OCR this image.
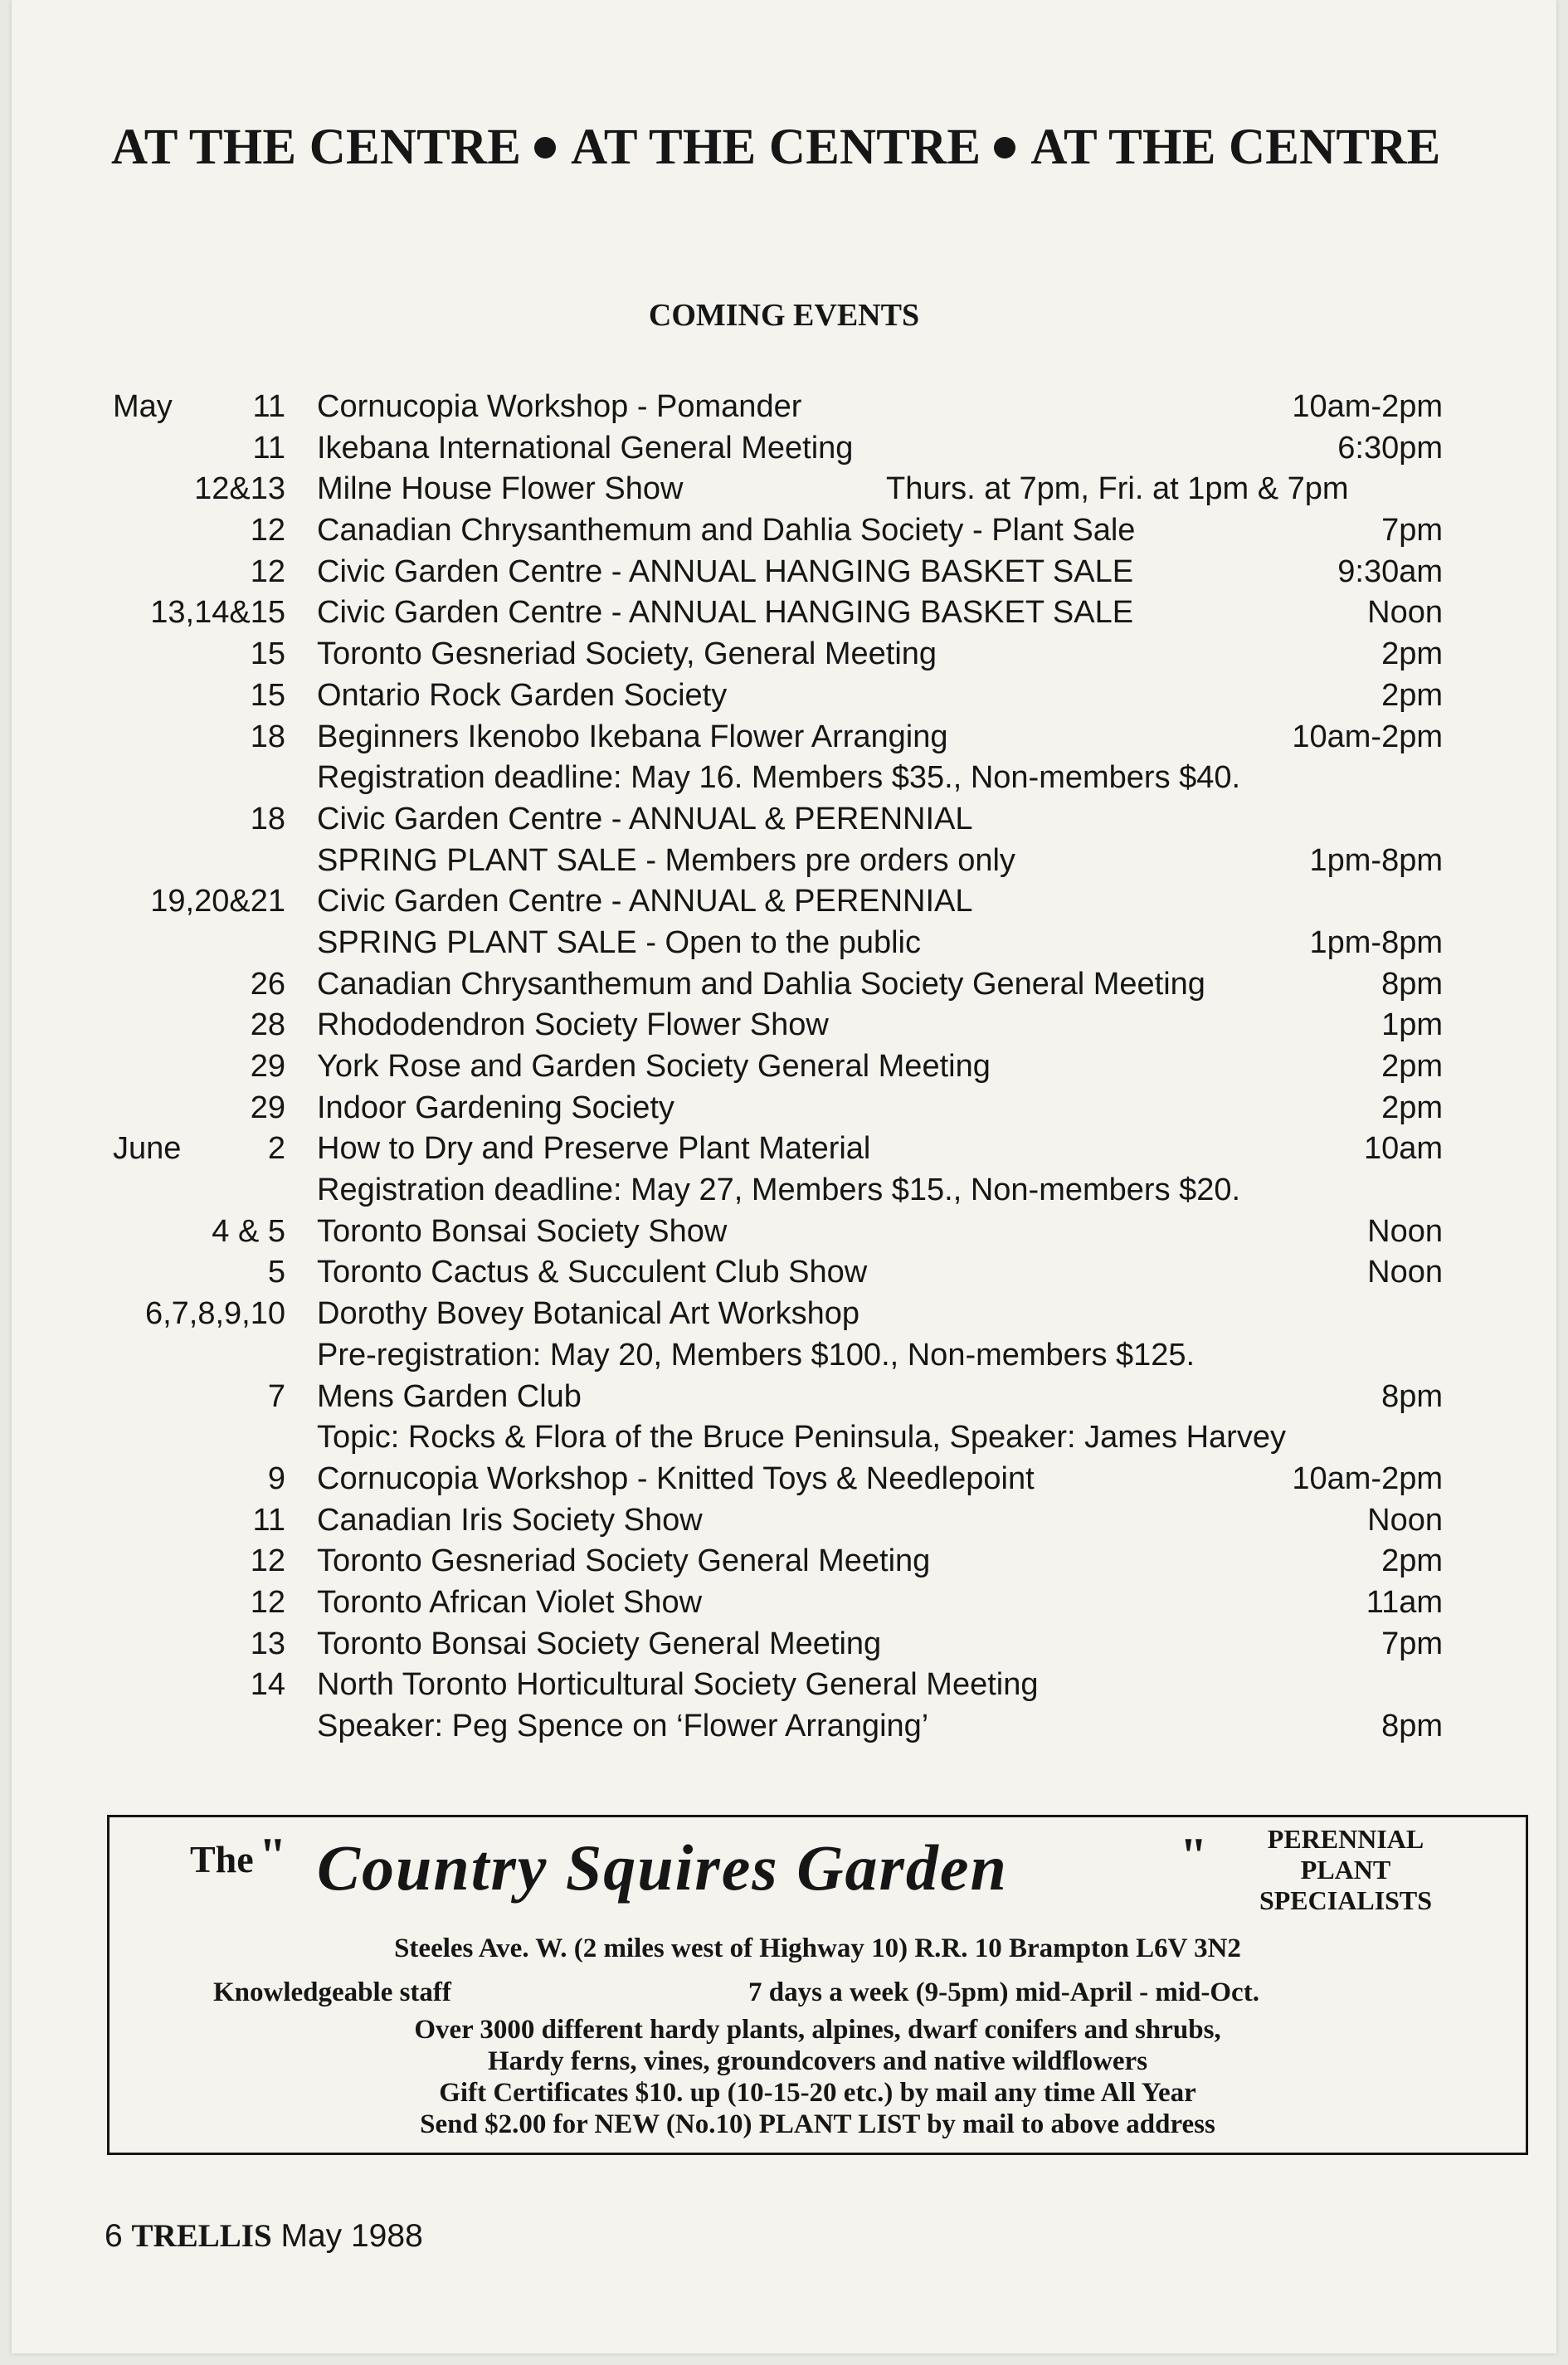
AT THE CENTRE AT THE CENTRE AT THE CENTRE
COMING EVENTS
May	11 Cornucopia Workshop - Pomander	10am-2pm
11 Ikebana International General Meeting	6:30pm
12&13 Milne House Flower Show	Thurs. at 7pm, Fri. at 1pm & 7pm
12 Canadian Chrysanthemum and Dahlia Society - Plant Sale	7pm
12 Civic Garden Centre - ANNUAL HANGING BASKET SALE	9:30am
13,14&15 Civic Garden Centre - ANNUAL HANGING BASKET SALE	Noon
15 Toronto Gesneriad Society, General Meeting	2pm
15 Ontario Rock Garden Society	2pm
18 Beginners Ikenobo Ikebana Flower Arranging	10am-2pm
Registration deadline: May 16. Members $35., Non-members $40.
18 Civic Garden Centre - ANNUAL & PERENNIAL
SPRING PLANT SALE - Members pre orders only	1pm-8pm
19,20&21 Civic Garden Centre - ANNUAL & PERENNIAL
SPRING PLANT SALE - Open to the public	1pm-8pm
26 Canadian Chrysanthemum and Dahlia Society General Meeting	8pm
28 Rhododendron Society Flower Show	1pm
29 York Rose and Garden Society General Meeting	2pm
29 Indoor Gardening Society	2pm
June	2 How to Dry and Preserve Plant Material	10am
Registration deadline: May 27, Members $15., Non-members $20.
4 & 5 Toronto Bonsai Society Show	Noon
5 Toronto Cactus & Succulent Club Show	Noon
6,7,8,9,10 Dorothy Bovey Botanical Art Workshop
Pre-registration: May 20, Members $100., Non-members $125.
7 Mens Garden Club	8pm
Topic: Rocks & Flora of the Bruce Peninsula, Speaker: James Harvey
9 Cornucopia Workshop - Knitted Toys & Needlepoint	10am-2pm
11 Canadian Iris Society Show	Noon
12 Toronto Gesneriad Society General Meeting	2pm
12 Toronto African Violet Show	11am
13 Toronto Bonsai Society General Meeting	7pm
14 North Toronto Horticultural Society General Meeting
Speaker: Peg Spence on ‘Flower Arranging’	8pm
The " Country Squires Garden	"	PERENNIAL
PLANT
SPECIALISTS
Steeles Ave. W. (2 miles west of Highway 10) R.R. 10 Brampton L6V 3N2
Knowledgeable staff	7 days a week (9-5pm) mid-April - mid-Oct.
Over 3000 different hardy plants, alpines, dwarf conifers and shrubs,
Hardy ferns, vines, groundcovers and native wildflowers
Gift Certificates $10. up (10-15-20 etc.) by mail any time All Year
Send $2.00 for NEW (No.10) PLANT LIST by mail to above address
6 TRELLIS May 1988
